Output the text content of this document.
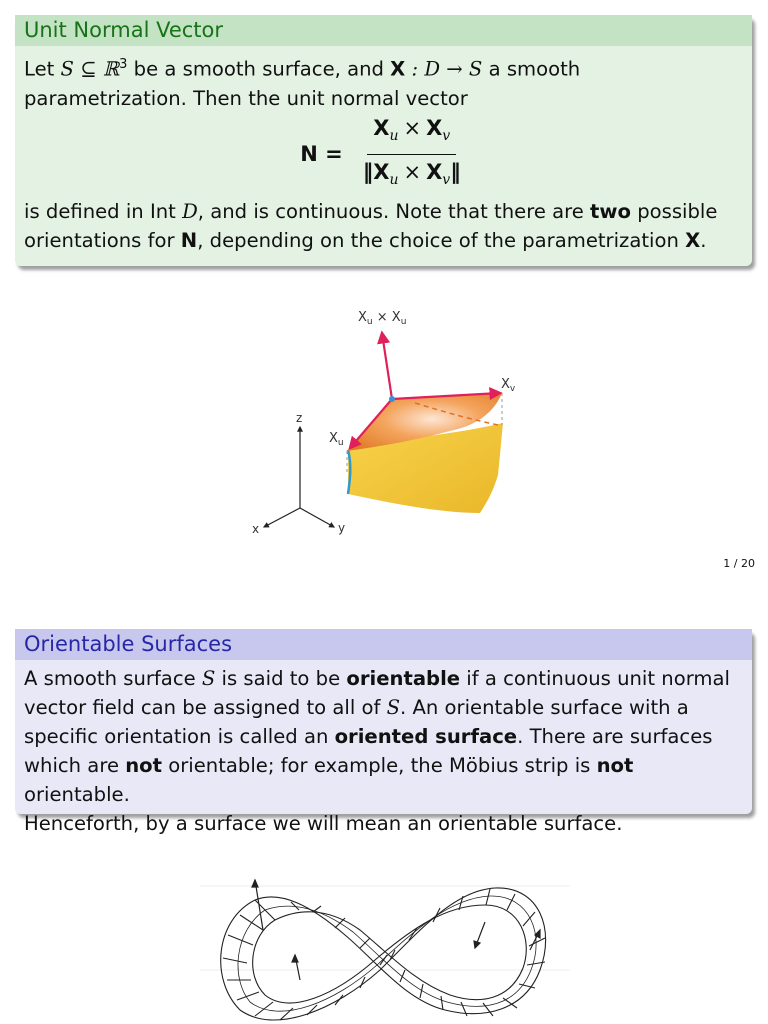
Unit Normal Vector
Let S ⊆ ℝ$^3$ be a smooth surface, and X : D → S a smooth
parametrization. Then the unit normal vector
$N = \frac{X_u \times X_v}{‖X_u \times X_v‖}$
is defined in Int D, and is continuous. Note that there are two possible
orientations for N, depending on the choice of the parametrization X.
$X_u \times X_u$
$X_v$
$X_u$
z
x	y
1 / 20
Orientable Surfaces
A smooth surface S is said to be orientable if a continuous unit normal
vector field can be assigned to all of S. An orientable surface with a
specific orientation is called an oriented surface. There are surfaces
which are not orientable; for example, the Möbius strip is not orientable.
Henceforth, by a surface we will mean an orientable surface.
